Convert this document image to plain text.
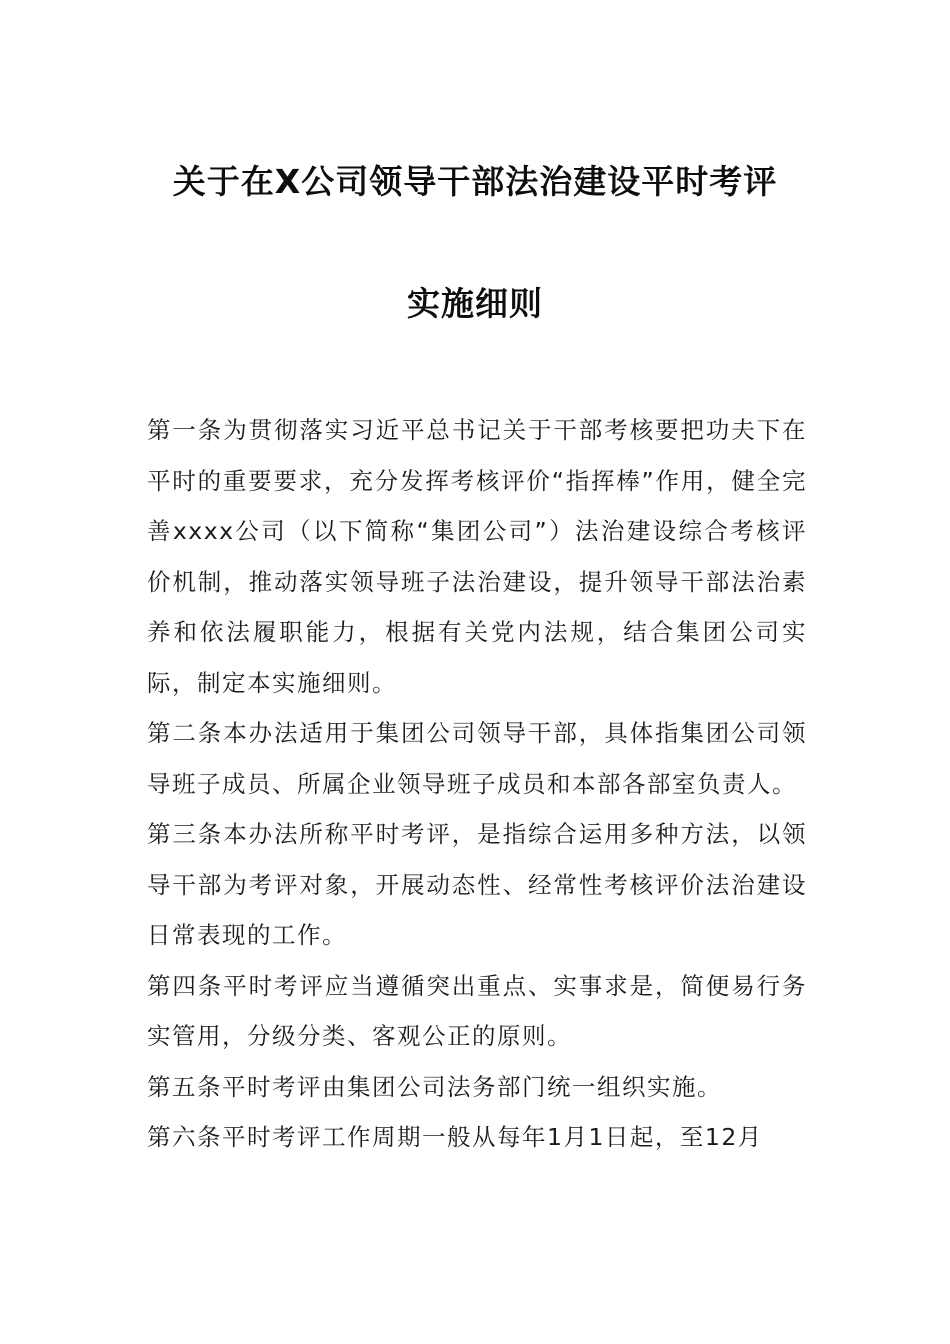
关于在X公司领导干部法治建设平时考评
实施细则

第一条为贯彻落实习近平总书记关于干部考核要把功夫下在平时的重要要求，充分发挥考核评价“指挥棒”作用，健全完善xxxx公司（以下简称“集团公司”）法治建设综合考核评价机制，推动落实领导班子法治建设，提升领导干部法治素养和依法履职能力，根据有关党内法规，结合集团公司实际，制定本实施细则。

第二条本办法适用于集团公司领导干部，具体指集团公司领导班子成员、所属企业领导班子成员和本部各部室负责人。

第三条本办法所称平时考评，是指综合运用多种方法，以领导干部为考评对象，开展动态性、经常性考核评价法治建设日常表现的工作。

第四条平时考评应当遵循突出重点、实事求是，简便易行务实管用，分级分类、客观公正的原则。

第五条平时考评由集团公司法务部门统一组织实施。

第六条平时考评工作周期一般从每年1月1日起，至12月
